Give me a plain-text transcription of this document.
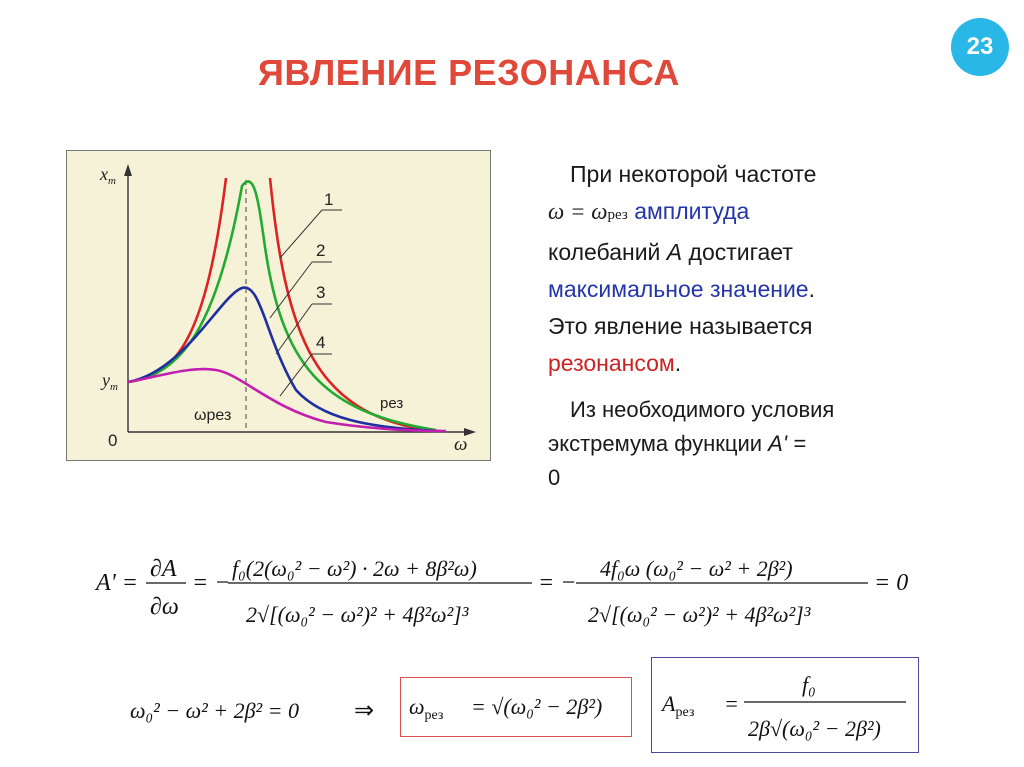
ЯВЛЕНИЕ РЕЗОНАНСА
23
1
2
3
4
$x_т$
$y_т$
0	ω
ωрез
рез

При некоторой частоте
ω = ωрез амплитуда
колебаний A достигает
максимальное значение.
Это явление называется
резонансом.

Из необходимого условия
экстремума функции A' =
0

A' =
∂A
∂ω
= −
f₀(2(ω₀² − ω²) · 2ω + 8β²ω)
2√[(ω₀² − ω²)² + 4β²ω²]³
= −
4f₀ω (ω₀² − ω² + 2β²)
2√[(ω₀² − ω²)² + 4β²ω²]³
= 0
ω₀² − ω² + 2β² = 0 ⇒ $\omega_{рез} = √(\omega_0^2 - 2\beta^2)$	$A_{рез}$ =
f₀
2β√(ω₀² − 2β²)
